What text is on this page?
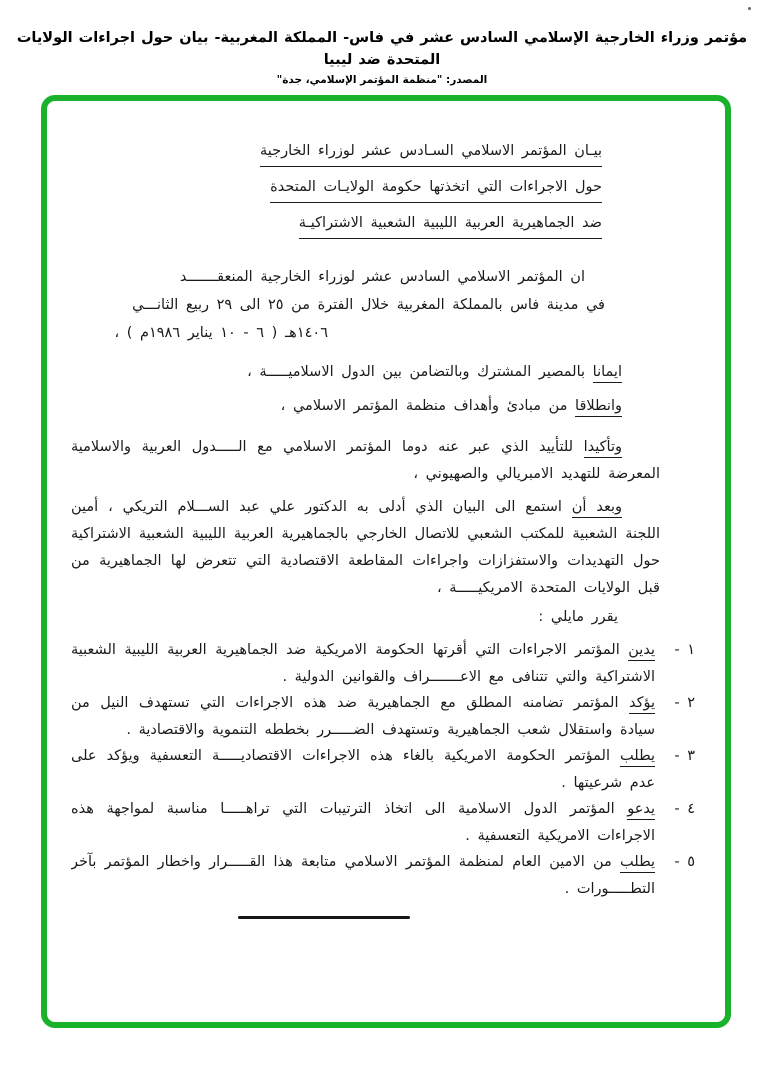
مؤتمر وزراء الخارجية الإسلامي السادس عشر في فاس- المملكة المغربية- بيان حول اجراءات الولايات المتحدة ضد ليبيا
المصدر: "منظمة المؤتمر الإسلامي، جدة"
بيـان المؤتمر الاسلامي السـادس عشر لوزراء الخارجية
حول الاجراءات التي اتخذتها حكومة الولايـات المتحدة
ضد الجماهيرية العربية الليبية الشعبية الاشتراكيـة

ان المؤتمر الاسلامي السادس عشر لوزراء الخارجية المنعقـــــــد
في مدينة فاس بالمملكة المغربية خلال الفترة من ٢٥ الى ٢٩ ربيع الثانـــي
١٤٠٦هـ ( ٦ - ١٠ يناير ١٩٨٦م ) ،

ايمانا بالمصير المشترك وبالتضامن بين الدول الاسلاميـــــة ،

وانطلاقا من مبادئ وأهداف منظمة المؤتمر الاسلامي ،

وتأكيدا للتأييد الذي عبر عنه دوما المؤتمر الاسلامي مع الـــــدول العربية والاسلامية المعرضة للتهديد الامبريالي والصهيوني ،

وبعد أن استمع الى البيان الذي أدلى به الدكتور علي عبد الســـلام التريكي ، أمين اللجنة الشعبية للمكتب الشعبي للاتصال الخارجي بالجماهيرية العربية الليبية الشعبية الاشتراكية حول التهديدات والاستفزازات واجراءات المقاطعة الاقتصادية التي تتعرض لها الجماهيرية من قبل الولايات المتحدة الامريكيـــــة ،

يقرر مايلي :

١ -
يدين المؤتمر الاجراءات التي أقرتها الحكومة الامريكية ضد الجماهيرية العربية الليبية الشعبية الاشتراكية والتي تتنافى مع الاعـــــــراف والقوانين الدولية .
٢ -
يؤكد المؤتمر تضامنه المطلق مع الجماهيرية ضد هذه الاجراءات التي تستهدف النيل من سيادة واستقلال شعب الجماهيرية وتستهدف الضـــــرر بخططه التنموية والاقتصادية .
٣ -
يطلب المؤتمر الحكومة الامريكية بالغاء هذه الاجراءات الاقتصاديـــــة التعسفية ويؤكد على عدم شرعيتها .
٤ -
يدعو المؤتمر الدول الاسلامية الى اتخاذ الترتيبات التي تراهـــــا مناسبة لمواجهة هذه الاجراءات الامريكية التعسفية .
٥ -
يطلب من الامين العام لمنظمة المؤتمر الاسلامي متابعة هذا القـــــرار واخطار المؤتمر بآخر التطـــــورات .
